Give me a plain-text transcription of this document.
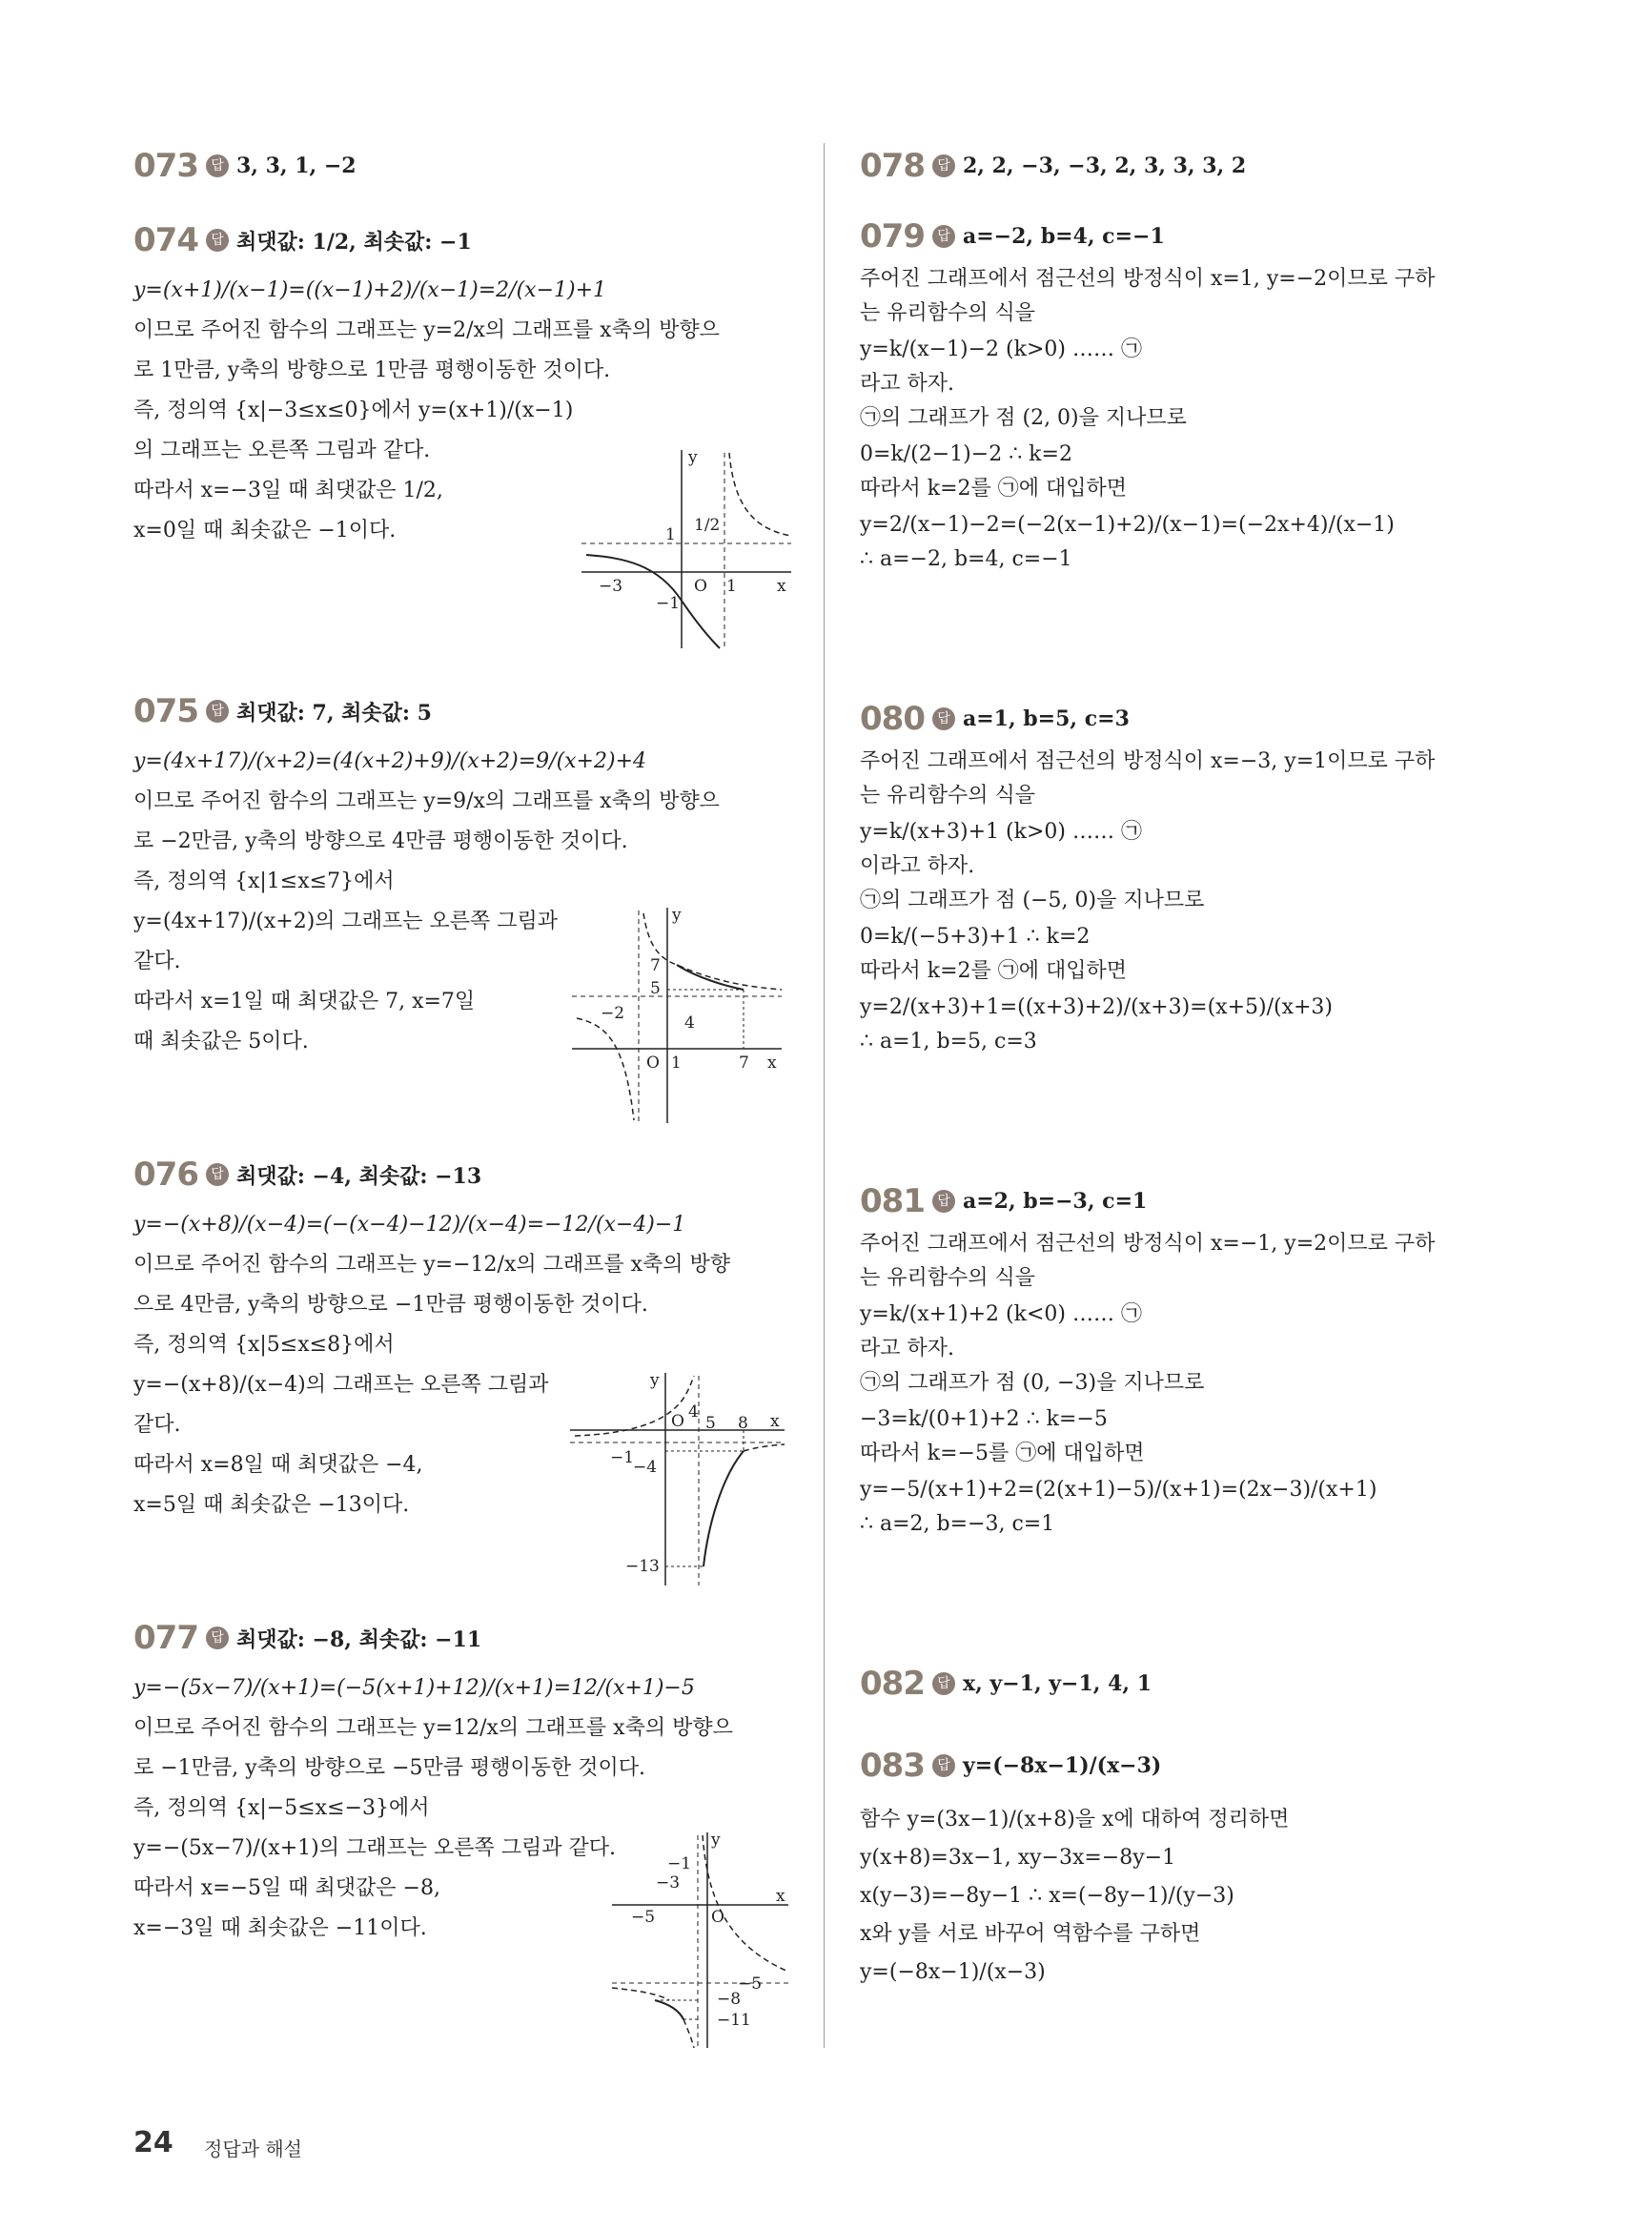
073 답 3, 3, 1, −2
074 답 최댓값: 1/2, 최솟값: −1
y=(x+1)/(x−1)=((x−1)+2)/(x−1)=2/(x−1)+1
이므로 주어진 함수의 그래프는 y=2/x의 그래프를 x축의 방향으
로 1만큼, y축의 방향으로 1만큼 평행이동한 것이다.
즉, 정의역 {x|−3≤x≤0}에서 y=(x+1)/(x−1)
의 그래프는 오른쪽 그림과 같다.
따라서 x=−3일 때 최댓값은 1/2,
x=0일 때 최솟값은 −1이다.
y
x
O 1
−3
−1
1 1/2
075 답 최댓값: 7, 최솟값: 5
y=(4x+17)/(x+2)=(4(x+2)+9)/(x+2)=9/(x+2)+4
이므로 주어진 함수의 그래프는 y=9/x의 그래프를 x축의 방향으
로 −2만큼, y축의 방향으로 4만큼 평행이동한 것이다.
즉, 정의역 {x|1≤x≤7}에서
y=(4x+17)/(x+2)의 그래프는 오른쪽 그림과
같다.
따라서 x=1일 때 최댓값은 7, x=7일
때 최솟값은 5이다.
y
x
O 1	7
7
5
4
−2
076 답 최댓값: −4, 최솟값: −13
y=−(x+8)/(x−4)=(−(x−4)−12)/(x−4)=−12/(x−4)−1
이므로 주어진 함수의 그래프는 y=−12/x의 그래프를 x축의 방향
으로 4만큼, y축의 방향으로 −1만큼 평행이동한 것이다.
즉, 정의역 {x|5≤x≤8}에서
y=−(x+8)/(x−4)의 그래프는 오른쪽 그림과
같다.
따라서 x=8일 때 최댓값은 −4,
x=5일 때 최솟값은 −13이다.
y
x
O 4
5 8
−1
−4
−13
077 답 최댓값: −8, 최솟값: −11
y=−(5x−7)/(x+1)=(−5(x+1)+12)/(x+1)=12/(x+1)−5
이므로 주어진 함수의 그래프는 y=12/x의 그래프를 x축의 방향으
로 −1만큼, y축의 방향으로 −5만큼 평행이동한 것이다.
즉, 정의역 {x|−5≤x≤−3}에서
y=−(5x−7)/(x+1)의 그래프는 오른쪽 그림과 같다.
따라서 x=−5일 때 최댓값은 −8,
x=−3일 때 최솟값은 −11이다.
y
x
O
−1
−3
−5
−5
−8
−11
078 답 2, 2, −3, −3, 2, 3, 3, 3, 2
079 답 a=−2, b=4, c=−1
주어진 그래프에서 점근선의 방정식이 x=1, y=−2이므로 구하
는 유리함수의 식을
y=k/(x−1)−2 (k>0) …… ㉠
라고 하자.
㉠의 그래프가 점 (2, 0)을 지나므로
0=k/(2−1)−2 ∴ k=2
따라서 k=2를 ㉠에 대입하면
y=2/(x−1)−2=(−2(x−1)+2)/(x−1)=(−2x+4)/(x−1)
∴ a=−2, b=4, c=−1
080 답 a=1, b=5, c=3
주어진 그래프에서 점근선의 방정식이 x=−3, y=1이므로 구하
는 유리함수의 식을
y=k/(x+3)+1 (k>0) …… ㉠
이라고 하자.
㉠의 그래프가 점 (−5, 0)을 지나므로
0=k/(−5+3)+1 ∴ k=2
따라서 k=2를 ㉠에 대입하면
y=2/(x+3)+1=((x+3)+2)/(x+3)=(x+5)/(x+3)
∴ a=1, b=5, c=3
081 답 a=2, b=−3, c=1
주어진 그래프에서 점근선의 방정식이 x=−1, y=2이므로 구하
는 유리함수의 식을
y=k/(x+1)+2 (k<0) …… ㉠
라고 하자.
㉠의 그래프가 점 (0, −3)을 지나므로
−3=k/(0+1)+2 ∴ k=−5
따라서 k=−5를 ㉠에 대입하면
y=−5/(x+1)+2=(2(x+1)−5)/(x+1)=(2x−3)/(x+1)
∴ a=2, b=−3, c=1
082 답 x, y−1, y−1, 4, 1
083 답 y=(−8x−1)/(x−3)
함수 y=(3x−1)/(x+8)을 x에 대하여 정리하면
y(x+8)=3x−1, xy−3x=−8y−1
x(y−3)=−8y−1 ∴ x=(−8y−1)/(y−3)
x와 y를 서로 바꾸어 역함수를 구하면
y=(−8x−1)/(x−3)
24 정답과 해설
